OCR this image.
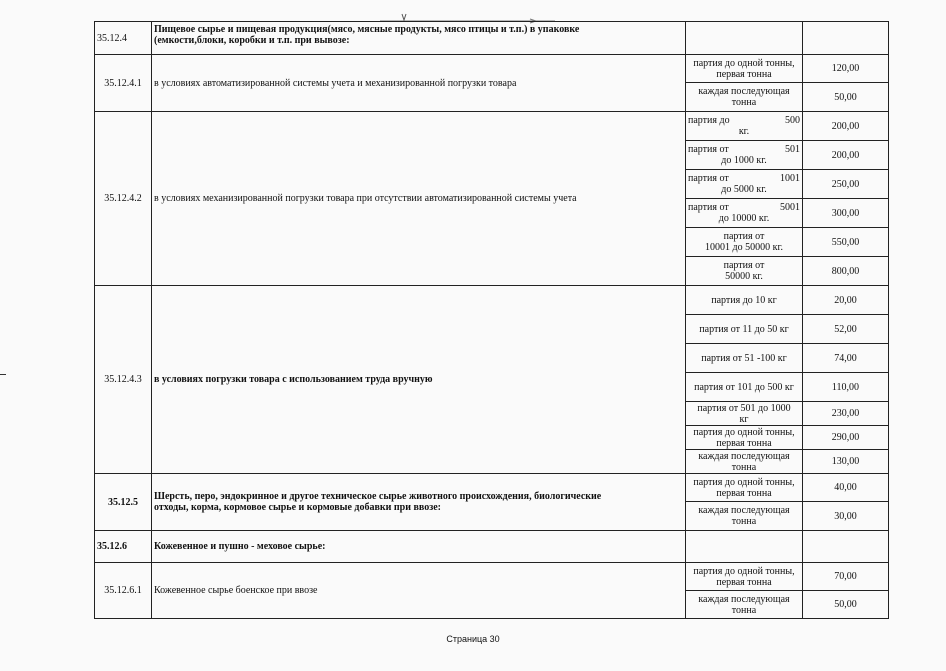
35.12.4	Пищевое сырье и пищевая продукция(мясо, мясные продукты, мясо птицы и т.п.) в упаковке
(емкости,блоки, коробки и т.п. при вывозе:		

35.12.4.1	в условиях автоматизированной системы учета и механизированной погрузки товара	партия до одной тонны,
первая тонна	120,00

		каждая последующая
тонна	50,00
35.12.4.2	в условиях механизированной погрузки товара при отсутствии автоматизированной системы учета	партия до 500
кг.	200,00

		партия от 501
до 1000 кг.	200,00

		партия от 1001
до 5000 кг.	250,00

		партия от 5001
до 10000 кг.	300,00

		партия от
10001 до 50000 кг.	550,00

		партия от
50000 кг.	800,00
35.12.4.3	в условиях погрузки товара с использованием труда вручную	партия до 10 кг	20,00
		партия от 11 до 50 кг	52,00
		партия от 51 -100 кг	74,00
		партия от 101 до 500 кг	110,00

		партия от 501 до 1000
кг	230,00

		партия до одной тонны,
первая тонна	290,00

		каждая последующая
тонна	130,00
35.12.5	Шерсть, перо, эндокринное и другое техническое сырье животного происхождения, биологические
отходы, корма, кормовое сырье и кормовые добавки при ввозе:	партия до одной тонны,
первая тонна	40,00

		каждая последующая
тонна	30,00
35.12.6	Кожевенное и пушно - меховое сырье:		
35.12.6.1	Кожевенное сырье боенское при ввозе	партия до одной тонны,
первая тонна	70,00

		каждая последующая
тонна	50,00
Страница 30
